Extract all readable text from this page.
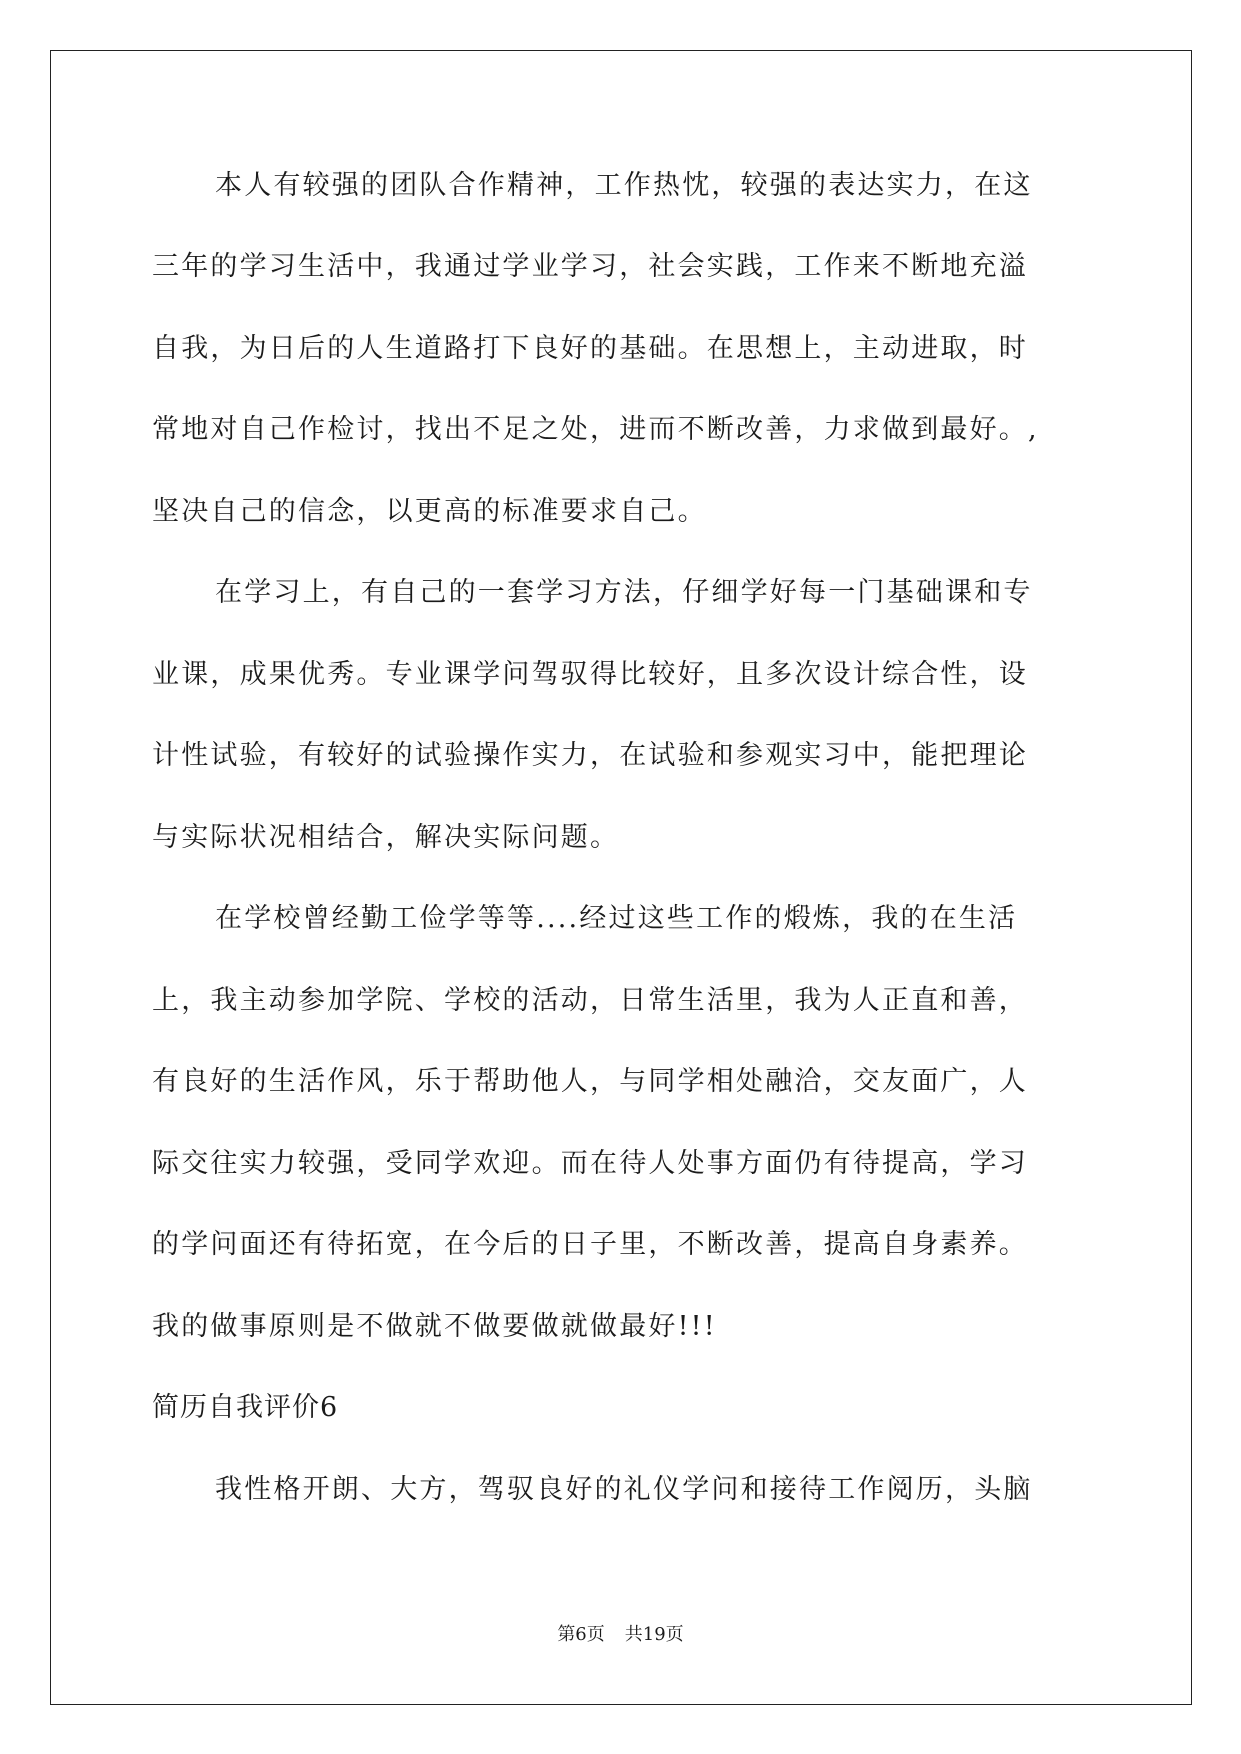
本人有较强的团队合作精神，工作热忱，较强的表达实力，在这
三年的学习生活中，我通过学业学习，社会实践，工作来不断地充溢
自我，为日后的人生道路打下良好的基础。在思想上，主动进取，时
常地对自己作检讨，找出不足之处，进而不断改善，力求做到最好。,
坚决自己的信念，以更高的标准要求自己。
在学习上，有自己的一套学习方法，仔细学好每一门基础课和专
业课，成果优秀。专业课学问驾驭得比较好，且多次设计综合性，设
计性试验，有较好的试验操作实力，在试验和参观实习中，能把理论
与实际状况相结合，解决实际问题。
在学校曾经勤工俭学等等....经过这些工作的煅炼，我的在生活
上，我主动参加学院、学校的活动，日常生活里，我为人正直和善，
有良好的生活作风，乐于帮助他人，与同学相处融洽，交友面广，人
际交往实力较强，受同学欢迎。而在待人处事方面仍有待提高，学习
的学问面还有待拓宽，在今后的日子里，不断改善，提高自身素养。
我的做事原则是不做就不做要做就做最好!!!
简历自我评价6
我性格开朗、大方，驾驭良好的礼仪学问和接待工作阅历，头脑
第6页 共19页
